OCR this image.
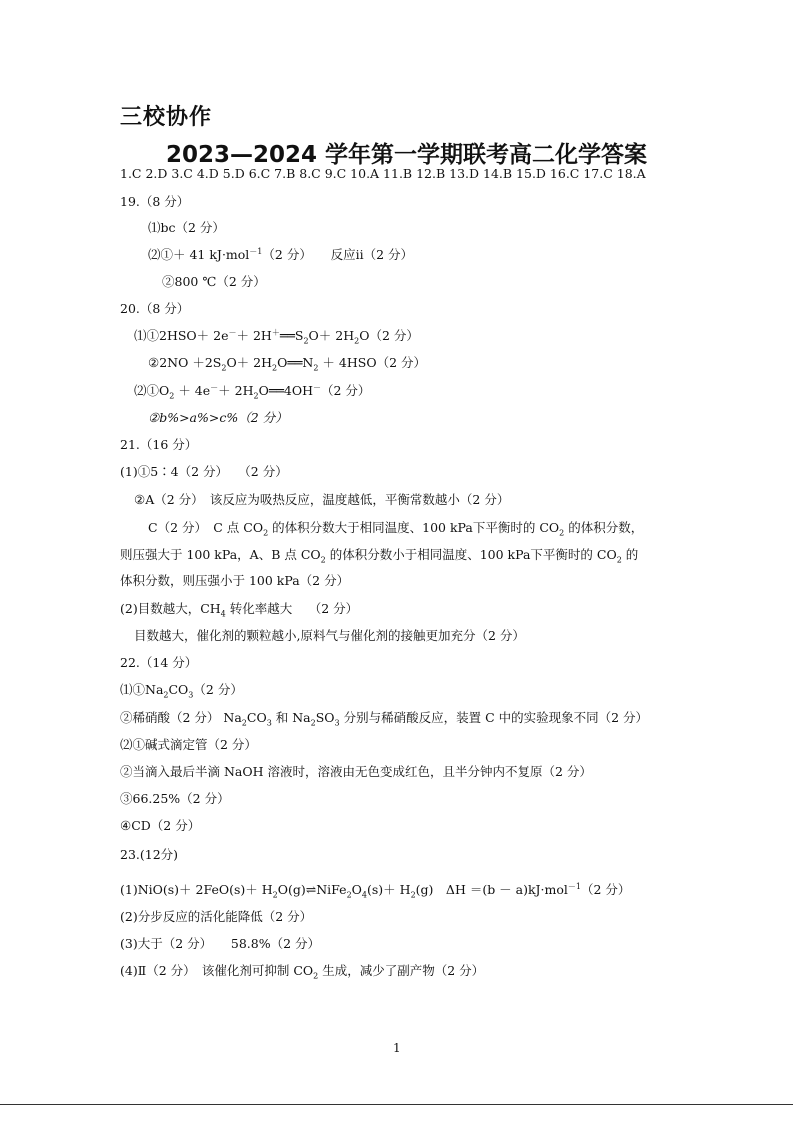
三校协作
2023—2024 学年第一学期联考高二化学答案
1.C 2.D 3.C 4.D 5.D 6.C 7.B 8.C 9.C 10.A 11.B 12.B 13.D 14.B 15.D 16.C 17.C 18.A
19.（8 分）
⑴bc（2 分）
⑵①＋ 41 kJ·mol$^{-1}$（2 分）　　反应ⅱ（2 分）
②800 ℃（2 分）
20.（8 分）
⑴①2HSO＋ $2e^-+ 2H^+══S_2O+ 2H_2O(2$ 分）
②2NO $+2S_2O+$ $2H_2O══N_2 + 4HSO(2$ 分）
$⑵①O_2 + 4e^-+$ $2H_2O══4OH^-(2$ 分）
②b%>a%>c%（2 分）
21.（16 分）
(1)①5∶4（2 分）　 （2 分）
②A（2 分）　该反应为吸热反应，温度越低，平衡常数越小（2 分）
C（2 分）　C 点 $CO_2$ 的体积分数大于相同温度、100 kPa下平衡时的 $CO_2$ 的体积分数，
则压强大于 100 kPa，A、B 点 $CO_2$ 的体积分数小于相同温度、100 kPa下平衡时的 $CO_2$ 的
体积分数，则压强小于 100 kPa（2 分）
(2)目数越大，$CH_4$ 转化率越大　 （2 分）
目数越大，催化剂的颗粒越小,原料气与催化剂的接触更加充分（2 分）
22.（14 分）
$⑴①Na_2CO_3(2$ 分）
②稀硝酸（2 分） $Na_2CO_3$ 和 $Na_2SO_3$ 分别与稀硝酸反应，装置 C 中的实验现象不同（2 分）
⑵①碱式滴定管（2 分）
②当滴入最后半滴 NaOH 溶液时，溶液由无色变成红色，且半分钟内不复原（2 分）
③66.25%（2 分）
④CD（2 分）
23.(12分)
$(1)NiO(s)+ 2FeO(s)+ H_2O(g)\rightleftharpoons NiFe_2O_4(s)+ H_2(g)$　ΔH ＝(b － a)kJ·mol$^{-1}$（2 分）
(2)分步反应的活化能降低（2 分）
(3)大于（2 分）　　58.8%（2 分）
(4)Ⅱ（2 分）　该催化剂可抑制 $CO_2$ 生成，减少了副产物（2 分）
1
